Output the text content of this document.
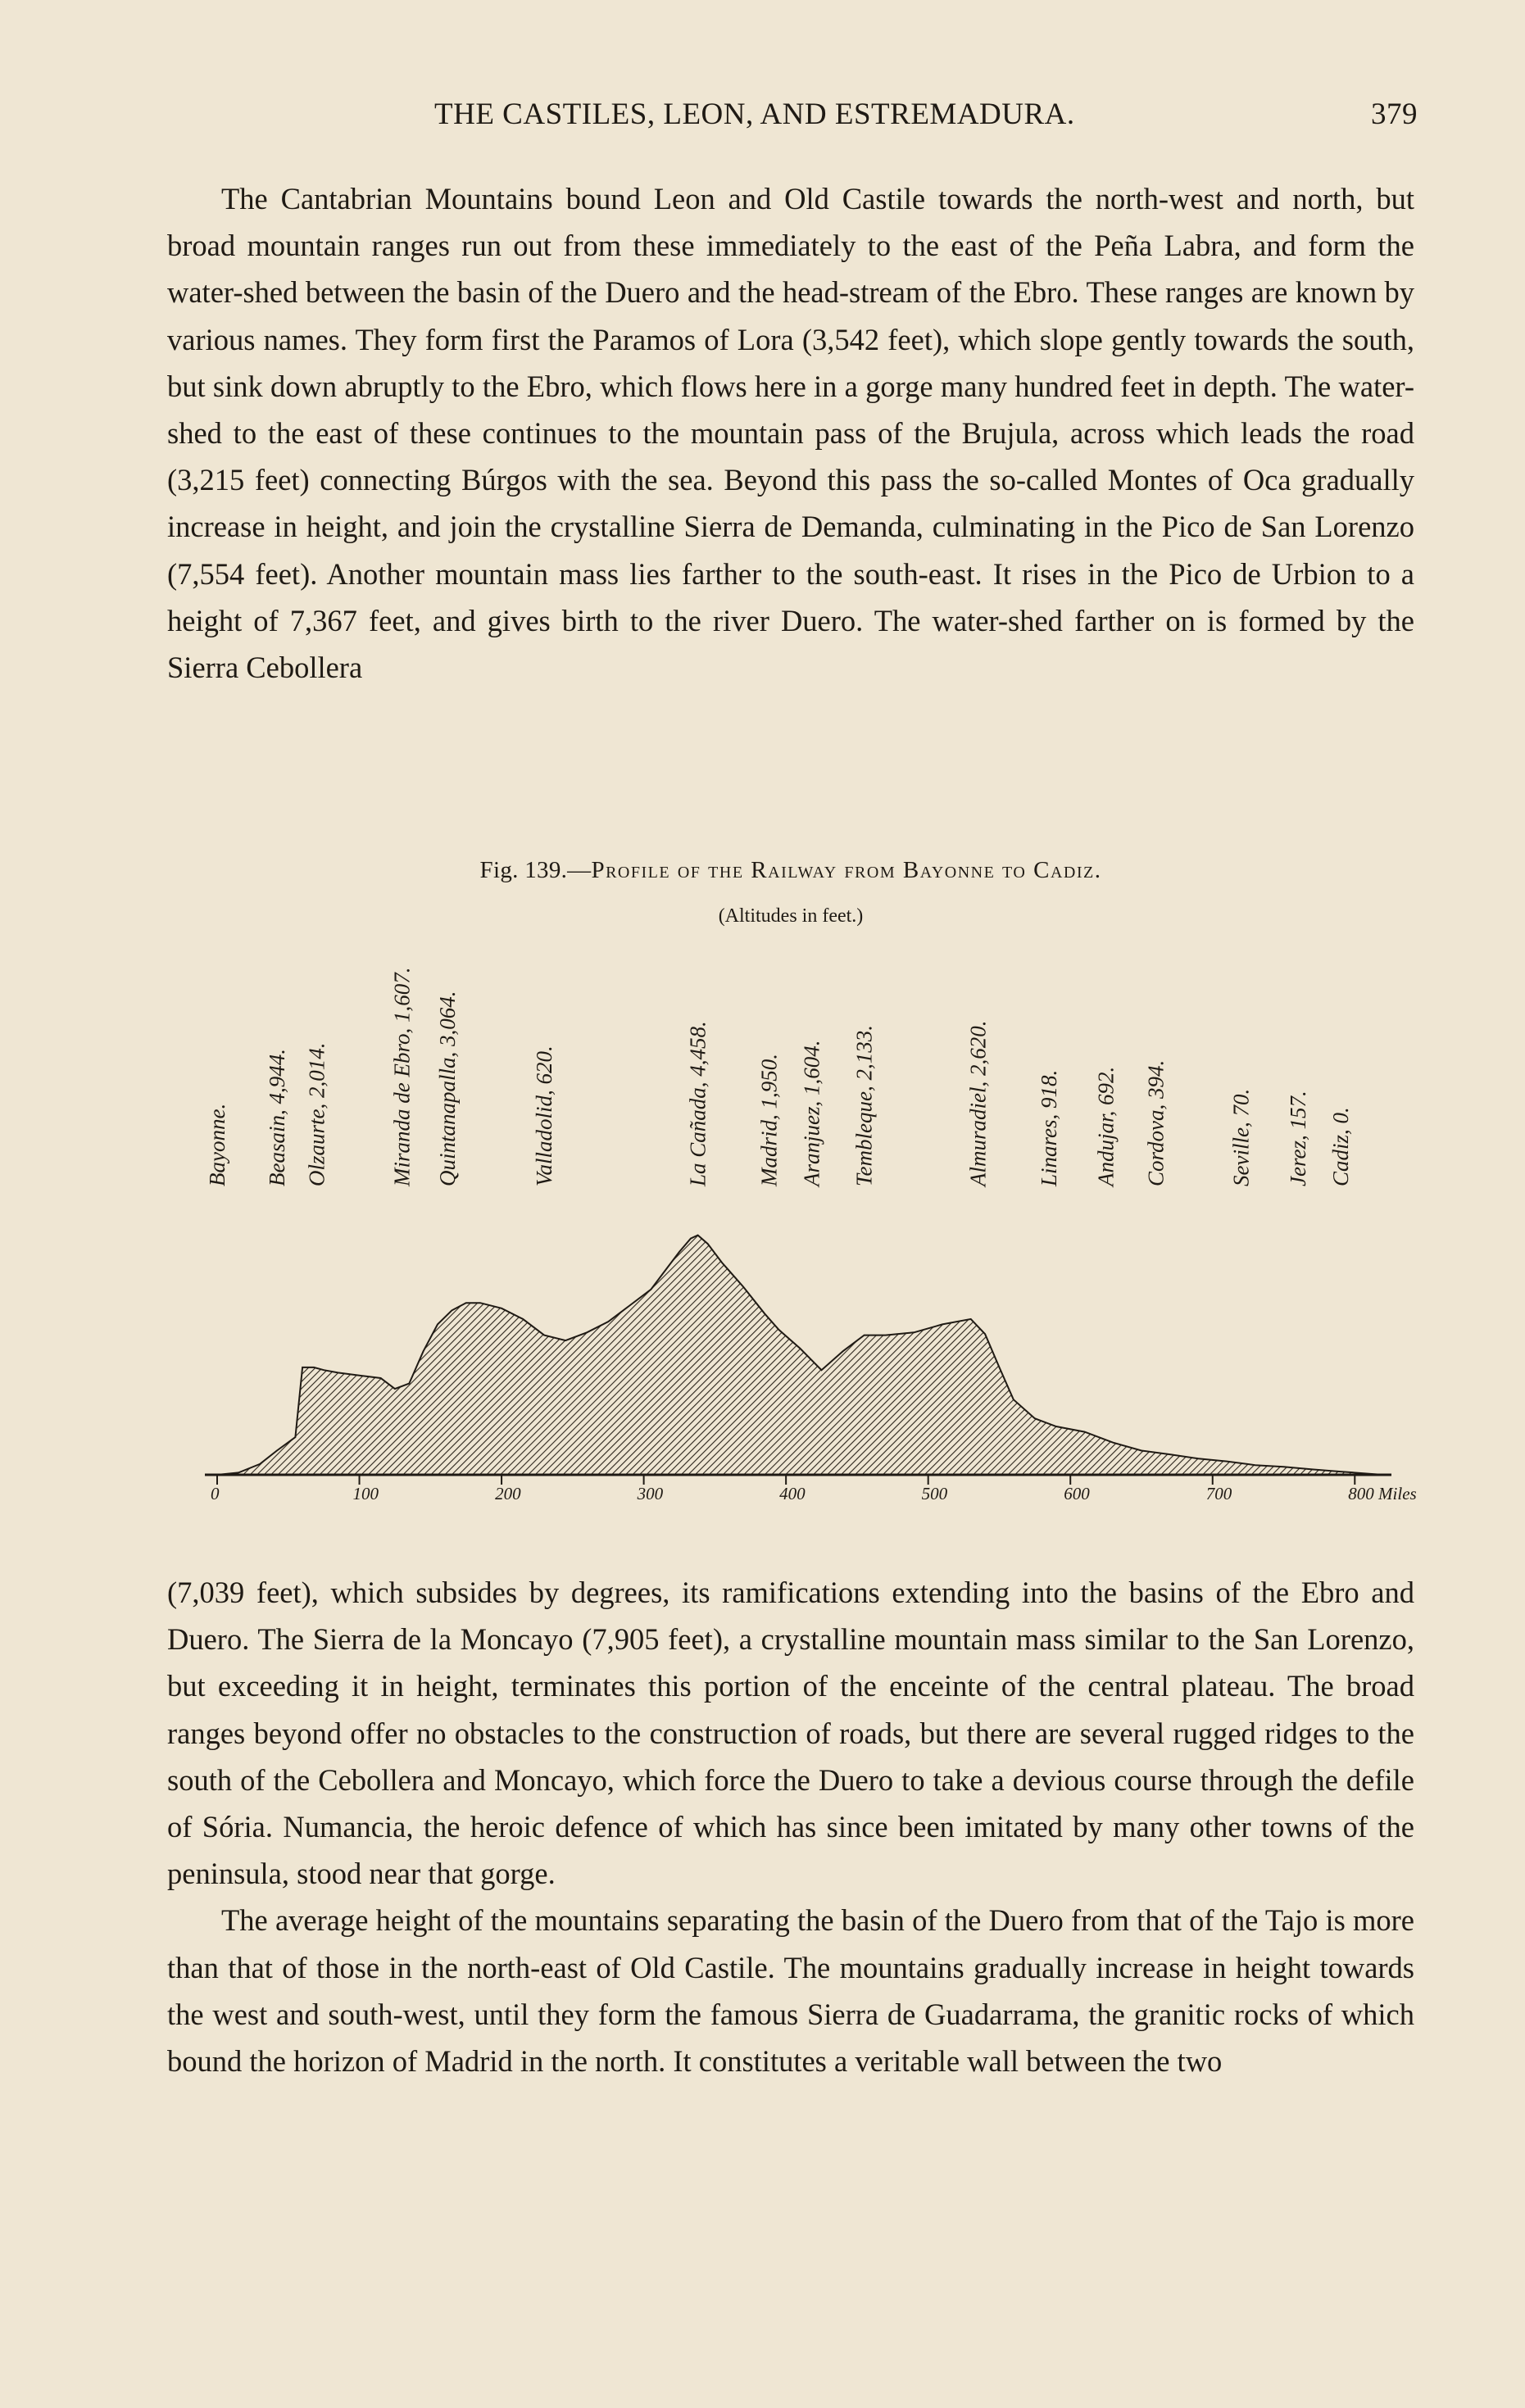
THE CASTILES, LEON, AND ESTREMADURA.	379

The Cantabrian Mountains bound Leon and Old Castile towards the north-west and north, but broad mountain ranges run out from these immediately to the east of the Peña Labra, and form the water-shed between the basin of the Duero and the head-stream of the Ebro. These ranges are known by various names. They form first the Paramos of Lora (3,542 feet), which slope gently towards the south, but sink down abruptly to the Ebro, which flows here in a gorge many hundred feet in depth. The water-shed to the east of these continues to the mountain pass of the Brujula, across which leads the road (3,215 feet) connecting Búrgos with the sea. Beyond this pass the so-called Montes of Oca gradually increase in height, and join the crystalline Sierra de Demanda, culminating in the Pico de San Lorenzo (7,554 feet). Another mountain mass lies farther to the south-east. It rises in the Pico de Urbion to a height of 7,367 feet, and gives birth to the river Duero. The water-shed farther on is formed by the Sierra Cebollera

Fig. 139.—Profile of the Railway from Bayonne to Cadiz.
(Altitudes in feet.)
0	100	200	300	400	500	600	700	800 Miles
Bayonne. Beasain, 4,944. Olzaurte, 2,014.	Miranda de Ebro, 1,607. Quintanapalla, 3,064.	Valladolid, 620.	La Cañada, 4,458. Madrid, 1,950. Aranjuez, 1,604. Tembleque, 2,133.	Almuradiel, 2,620. Linares, 918. Andujar, 692. Cordova, 394.	Seville, 70. Jerez, 157. Cadiz, 0.

(7,039 feet), which subsides by degrees, its ramifications extending into the basins of the Ebro and Duero. The Sierra de la Moncayo (7,905 feet), a crystalline mountain mass similar to the San Lorenzo, but exceeding it in height, terminates this portion of the enceinte of the central plateau. The broad ranges beyond offer no obstacles to the construction of roads, but there are several rugged ridges to the south of the Cebollera and Moncayo, which force the Duero to take a devious course through the defile of Sória. Numancia, the heroic defence of which has since been imitated by many other towns of the peninsula, stood near that gorge.

The average height of the mountains separating the basin of the Duero from that of the Tajo is more than that of those in the north-east of Old Castile. The mountains gradually increase in height towards the west and south-west, until they form the famous Sierra de Guadarrama, the granitic rocks of which bound the horizon of Madrid in the north. It constitutes a veritable wall between the two
